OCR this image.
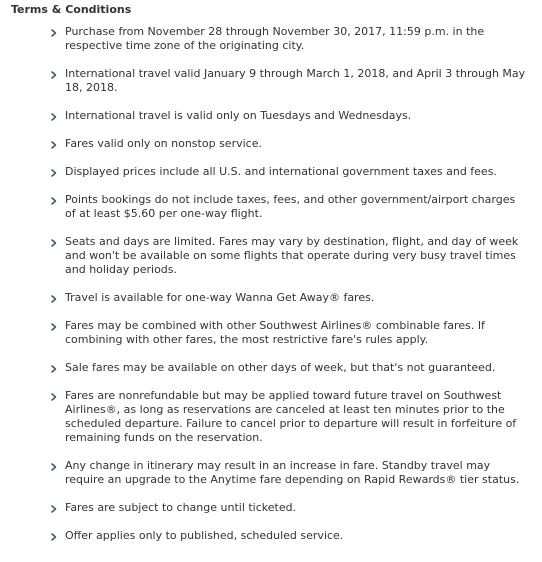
Terms & Conditions
Purchase from November 28 through November 30, 2017, 11:59 p.m. in the respective time zone of the originating city.
International travel valid January 9 through March 1, 2018, and April 3 through May 18, 2018.
International travel is valid only on Tuesdays and Wednesdays.
Fares valid only on nonstop service.
Displayed prices include all U.S. and international government taxes and fees.
Points bookings do not include taxes, fees, and other government/airport charges of at least $5.60 per one-way flight.
Seats and days are limited. Fares may vary by destination, flight, and day of week and won't be available on some flights that operate during very busy travel times and holiday periods.
Travel is available for one-way Wanna Get Away® fares.
Fares may be combined with other Southwest Airlines® combinable fares. If combining with other fares, the most restrictive fare's rules apply.
Sale fares may be available on other days of week, but that's not guaranteed.
Fares are nonrefundable but may be applied toward future travel on Southwest Airlines®, as long as reservations are canceled at least ten minutes prior to the scheduled departure. Failure to cancel prior to departure will result in forfeiture of remaining funds on the reservation.
Any change in itinerary may result in an increase in fare. Standby travel may require an upgrade to the Anytime fare depending on Rapid Rewards® tier status.
Fares are subject to change until ticketed.
Offer applies only to published, scheduled service.
